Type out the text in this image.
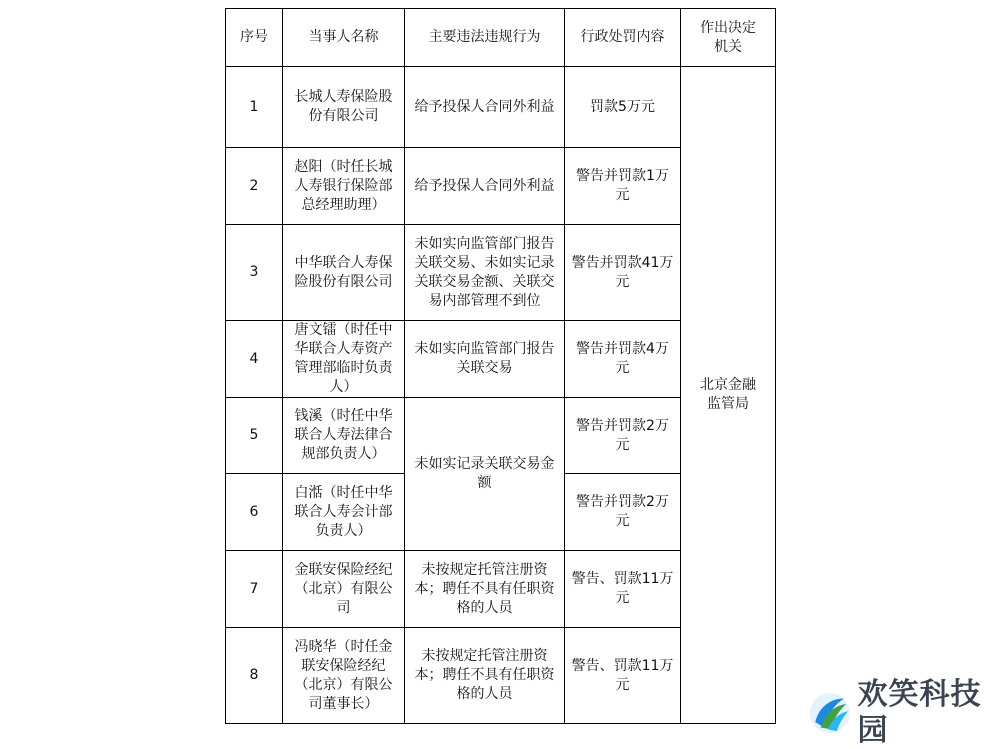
序号	当事人名称	主要违法违规行为	行政处罚内容	作出决定机关
1	长城人寿保险股份有限公司	给予投保人合同外利益	罚款5万元	北京金融监管局
2	赵阳（时任长城人寿银行保险部总经理助理）	给予投保人合同外利益	警告并罚款1万元	
3	中华联合人寿保险股份有限公司	未如实向监管部门报告关联交易、未如实记录关联交易金额、关联交易内部管理不到位	警告并罚款41万元	
4	唐文镭（时任中华联合人寿资产管理部临时负责人）	未如实向监管部门报告关联交易	警告并罚款4万元	
5	钱溪（时任中华联合人寿法律合规部负责人）	未如实记录关联交易金额	警告并罚款2万元	
6	白湉（时任中华联合人寿会计部负责人）		警告并罚款2万元	
7	金联安保险经纪（北京）有限公司	未按规定托管注册资本；聘任不具有任职资格的人员	警告、罚款11万元	
8	冯晓华（时任金联安保险经纪（北京）有限公司董事长）	未按规定托管注册资本；聘任不具有任职资格的人员	警告、罚款11万元		欢笑科技园
